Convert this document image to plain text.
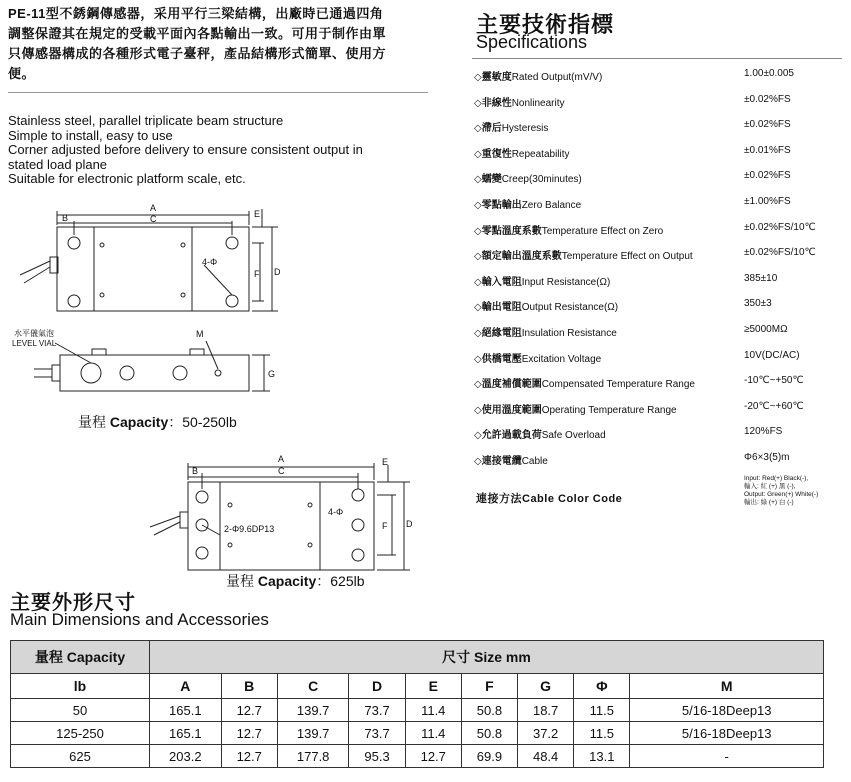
PE-11型不銹鋼傳感器，采用平行三梁結構，出廠時已通過四角
調整保證其在規定的受載平面內各點輸出一致。可用于制作由單
只傳感器構成的各種形式電子臺秤，產品結構形式簡單、使用方
便。
Stainless steel, parallel triplicate beam structure
Simple to install, easy to use
Corner adjusted before delivery to ensure consistent output in
stated load plane
Suitable for electronic platform scale, etc.
主要技術指標
Specifications
◇靈敏度Rated Output(mV/V)	1.00±0.005
◇非線性Nonlinearity	±0.02%FS
◇滯后Hysteresis	±0.02%FS
◇重復性Repeatability	±0.01%FS
◇蠕變Creep(30minutes)	±0.02%FS
◇零點輸出Zero Balance	±1.00%FS
◇零點溫度系數Temperature Effect on Zero	±0.02%FS/10℃
◇額定輸出溫度系數Temperature Effect on Output	±0.02%FS/10℃
◇輸入電阻Input Resistance(Ω)	385±10
◇輸出電阻Output Resistance(Ω)	350±3
◇絕緣電阻Insulation Resistance	≥5000MΩ
◇供橋電壓Excitation Voltage	10V(DC/AC)
◇溫度補償範圍Compensated Temperature Range	-10℃~+50℃
◇使用溫度範圍Operating Temperature Range	-20℃~+60℃
◇允許過載負荷Safe Overload	120%FS
◇連接電纜Cable	Φ6×3(5)m
連接方法Cable Color Code
Input: Red(+) Black(-),
輸入: 紅 (+) 黑 (-),
Output: Green(+) White(-)
輸出: 綠 (+) 白 (-)
A
B	C	E
F D
4-Φ
水平儀氣泡
LEVEL VIAL
M
G
量程 Capacity：50-250lb
A
B	C
E
F D
4-Φ
2-Φ9.6DP13
量程 Capacity：625lb
主要外形尺寸
Main Dimensions and Accessories
量程 Capacity	尺寸 Size mm								
lb	A	B	C	D	E	F	G	Φ	M
50	165.1	12.7	139.7	73.7	11.4	50.8	18.7	11.5	5/16-18Deep13
125-250	165.1	12.7	139.7	73.7	11.4	50.8	37.2	11.5	5/16-18Deep13
625	203.2	12.7	177.8	95.3	12.7	69.9	48.4	13.1	-
